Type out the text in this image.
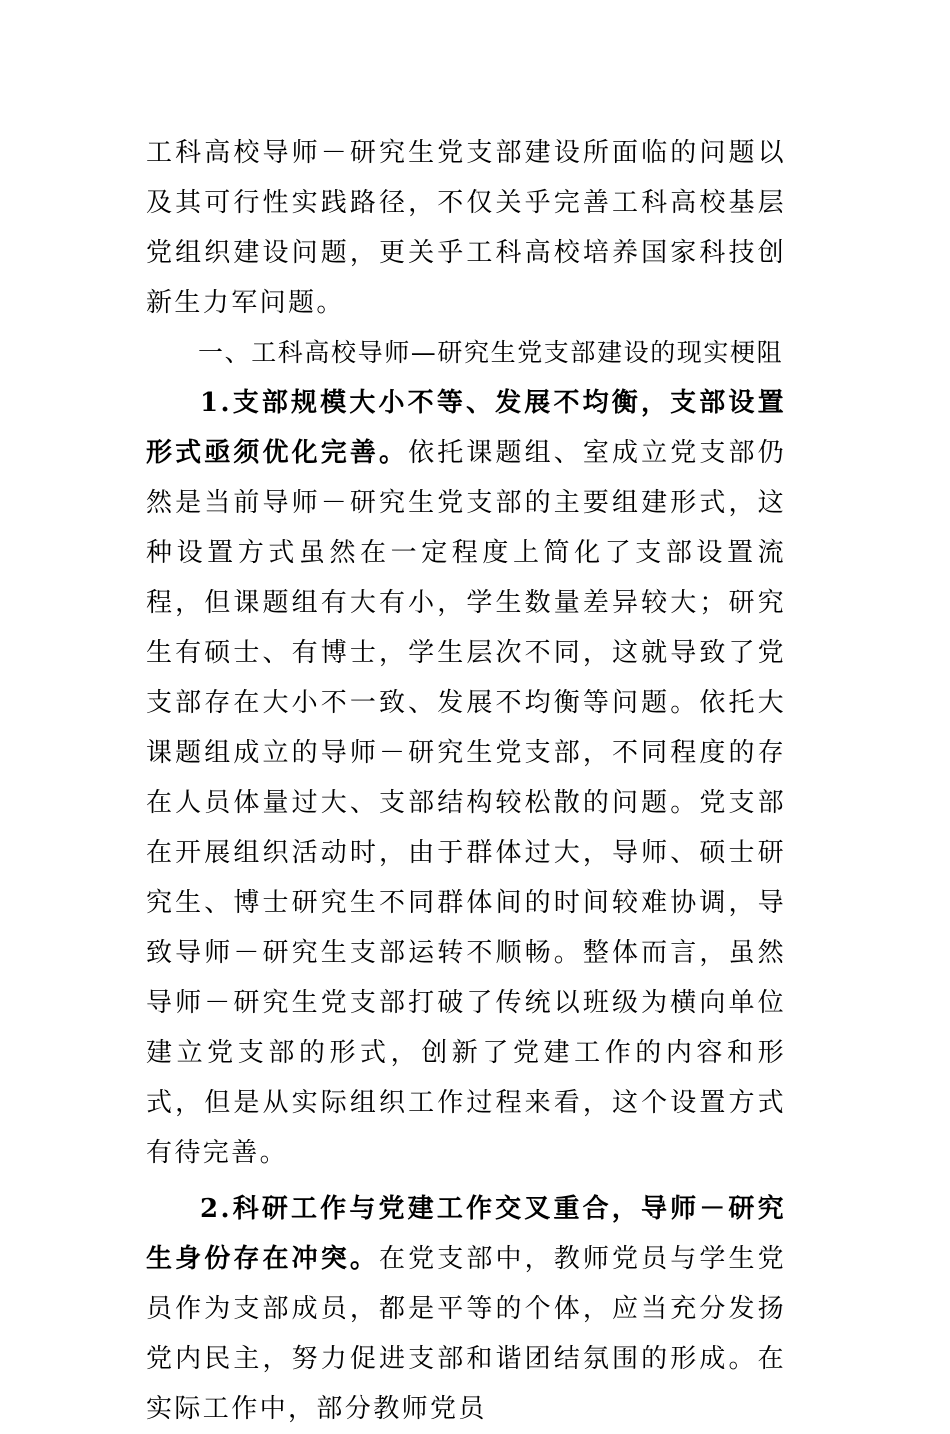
工科高校导师－研究生党支部建设所面临的问题以及其可行性实践路径，不仅关乎完善工科高校基层党组织建设问题，更关乎工科高校培养国家科技创新生力军问题。

一、工科高校导师—研究生党支部建设的现实梗阻

1.支部规模大小不等、发展不均衡，支部设置形式亟须优化完善。依托课题组、室成立党支部仍然是当前导师－研究生党支部的主要组建形式，这种设置方式虽然在一定程度上简化了支部设置流程，但课题组有大有小，学生数量差异较大；研究生有硕士、有博士，学生层次不同，这就导致了党支部存在大小不一致、发展不均衡等问题。依托大课题组成立的导师－研究生党支部，不同程度的存在人员体量过大、支部结构较松散的问题。党支部在开展组织活动时，由于群体过大，导师、硕士研究生、博士研究生不同群体间的时间较难协调，导致导师－研究生支部运转不顺畅。整体而言，虽然导师－研究生党支部打破了传统以班级为横向单位建立党支部的形式，创新了党建工作的内容和形式，但是从实际组织工作过程来看，这个设置方式有待完善。

2.科研工作与党建工作交叉重合，导师－研究生身份存在冲突。在党支部中，教师党员与学生党员作为支部成员，都是平等的个体，应当充分发扬党内民主，努力促进支部和谐团结氛围的形成。在实际工作中，部分教师党员
